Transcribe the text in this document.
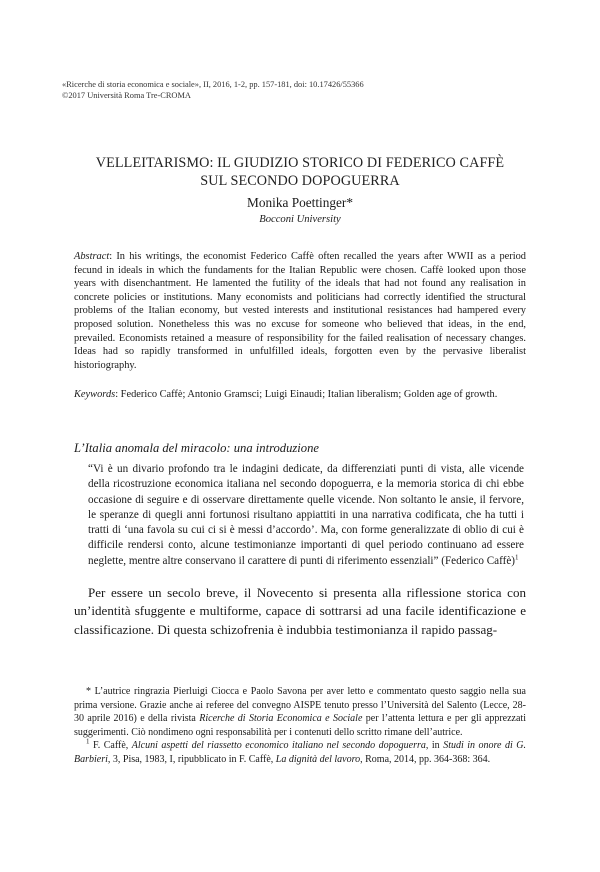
«Ricerche di storia economica e sociale», II, 2016, 1-2, pp. 157-181, doi: 10.17426/55366
©2017 Università Roma Tre-CROMA
VELLEITARISMO: IL GIUDIZIO STORICO DI FEDERICO CAFFÈ
SUL SECONDO DOPOGUERRA
Monika Poettinger*
Bocconi University
Abstract: In his writings, the economist Federico Caffè often recalled the years after WWII as a period fecund in ideals in which the fundaments for the Italian Republic were chosen. Caffè looked upon those years with disenchantment. He lamented the futility of the ideals that had not found any realisation in concrete policies or institutions. Many economists and politicians had correctly identified the structural problems of the Italian economy, but vested interests and institutional resistances had hampered every proposed solution. Nonetheless this was no excuse for someone who believed that ideas, in the end, prevailed. Economists retained a measure of responsibility for the failed realisation of necessary changes. Ideas had so rapidly transformed in unfulfilled ideals, forgotten even by the pervasive liberalist historiography.
Keywords: Federico Caffè; Antonio Gramsci; Luigi Einaudi; Italian liberalism; Golden age of growth.
L’Italia anomala del miracolo: una introduzione
“Vi è un divario profondo tra le indagini dedicate, da differenziati punti di vista, alle vicende della ricostruzione economica italiana nel secondo dopoguerra, e la memoria storica di chi ebbe occasione di seguire e di osservare direttamente quelle vicende. Non soltanto le ansie, il fervore, le speranze di quegli anni fortunosi risultano appiattiti in una narrativa codificata, che ha tutti i tratti di ‘una favola su cui ci si è messi d’accordo’. Ma, con forme generalizzate di oblio di cui è difficile rendersi conto, alcune testimonianze importanti di quel periodo continuano ad essere neglette, mentre altre conservano il carattere di punti di riferimento essenziali” (Federico Caffè)$^1$
Per essere un secolo breve, il Novecento si presenta alla riflessione storica con un’identità sfuggente e multiforme, capace di sottrarsi ad una facile identificazione e classificazione. Di questa schizofrenia è indubbia testimonianza il rapido passag-

* L’autrice ringrazia Pierluigi Ciocca e Paolo Savona per aver letto e commentato questo saggio nella sua prima versione. Grazie anche ai referee del convegno AISPE tenuto presso l’Università del Salento (Lecce, 28-30 aprile 2016) e della rivista Ricerche di Storia Economica e Sociale per l’attenta lettura e per gli apprezzati suggerimenti. Ciò nondimeno ogni responsabilità per i contenuti dello scritto rimane dell’autrice.

$^1$ F. Caffè, Alcuni aspetti del riassetto economico italiano nel secondo dopoguerra, in Studi in onore di G. Barbieri, 3, Pisa, 1983, I, ripubblicato in F. Caffè, La dignità del lavoro, Roma, 2014, pp. 364-368: 364.
